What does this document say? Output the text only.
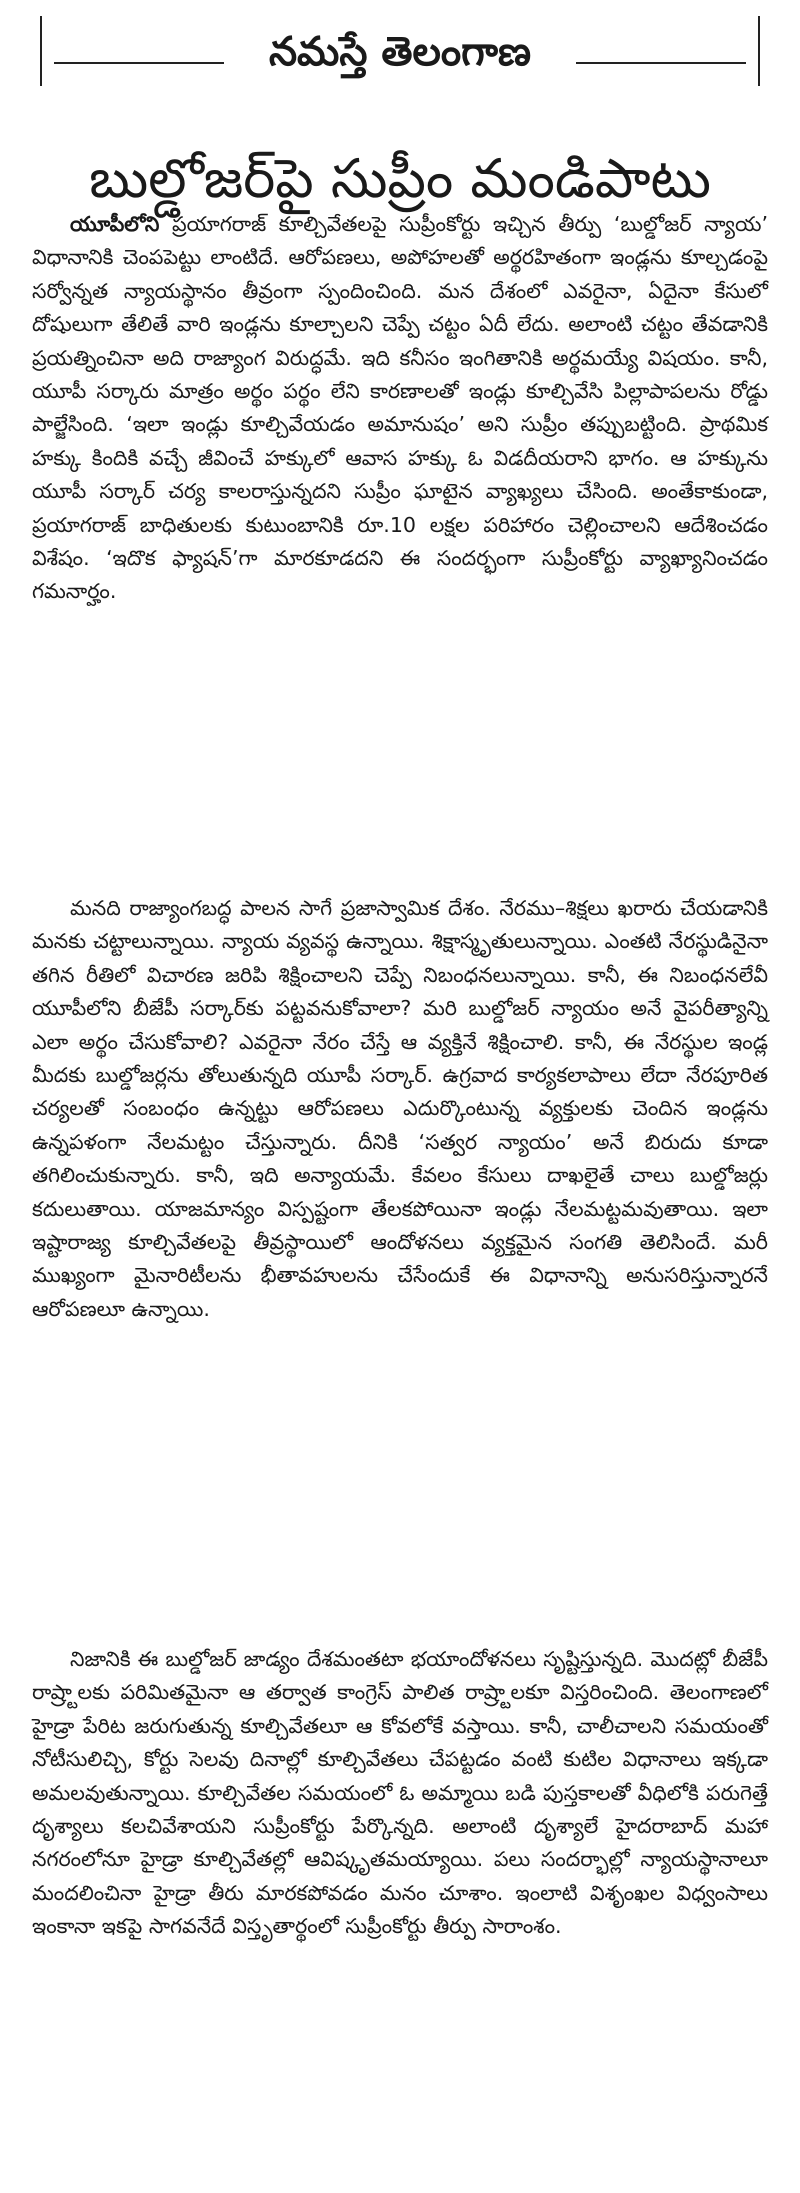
నమస్తే తెలంగాణ
బుల్డోజర్‌పై సుప్రీం మండిపాటు

యూపీలోని ప్రయాగరాజ్ కూల్చివేతలపై సుప్రీంకోర్టు ఇచ్చిన తీర్పు ‘బుల్డోజర్ న్యాయ’ విధానానికి చెంపపెట్టు లాంటిదే. ఆరోపణలు, అపోహలతో అర్థరహితంగా ఇండ్లను కూల్చడంపై సర్వోన్నత న్యాయస్థానం తీవ్రంగా స్పందించింది. మన దేశంలో ఎవరైనా, ఏదైనా కేసులో దోషులుగా తేలితే వారి ఇండ్లను కూల్చాలని చెప్పే చట్టం ఏదీ లేదు. అలాంటి చట్టం తేవడానికి ప్రయత్నించినా అది రాజ్యాంగ విరుద్ధమే. ఇది కనీసం ఇంగితానికి అర్థమయ్యే విషయం. కానీ, యూపీ సర్కారు మాత్రం అర్థం పర్థం లేని కారణాలతో ఇండ్లు కూల్చివేసి పిల్లాపాపలను రోడ్డు పాల్జేసింది. ‘ఇలా ఇండ్లు కూల్చివేయడం అమానుషం’ అని సుప్రీం తప్పుబట్టింది. ప్రాథమిక హక్కు కిందికి వచ్చే జీవించే హక్కులో ఆవాస హక్కు ఓ విడదీయరాని భాగం. ఆ హక్కును యూపీ సర్కార్ చర్య కాలరాస్తున్నదని సుప్రీం ఘాటైన వ్యాఖ్యలు చేసింది. అంతేకాకుండా, ప్రయాగరాజ్ బాధితులకు కుటుంబానికి రూ.10 లక్షల పరిహారం చెల్లించాలని ఆదేశించడం విశేషం. ‘ఇదొక ఫ్యాషన్’గా మారకూడదని ఈ సందర్భంగా సుప్రీంకోర్టు వ్యాఖ్యానించడం గమనార్హం.

మనది రాజ్యాంగబద్ధ పాలన సాగే ప్రజాస్వామిక దేశం. నేరము–శిక్షలు ఖరారు చేయడానికి మనకు చట్టాలున్నాయి. న్యాయ వ్యవస్థ ఉన్నాయి. శిక్షాస్మృతులున్నాయి. ఎంతటి నేరస్థుడినైనా తగిన రీతిలో విచారణ జరిపి శిక్షించాలని చెప్పే నిబంధనలున్నాయి. కానీ, ఈ నిబంధనలేవీ యూపీలోని బీజేపీ సర్కార్‌కు పట్టవనుకోవాలా? మరి బుల్డోజర్ న్యాయం అనే వైపరీత్యాన్ని ఎలా అర్థం చేసుకోవాలి? ఎవరైనా నేరం చేస్తే ఆ వ్యక్తినే శిక్షించాలి. కానీ, ఈ నేరస్థుల ఇండ్ల మీదకు బుల్డోజర్లను తోలుతున్నది యూపీ సర్కార్. ఉగ్రవాద కార్యకలాపాలు లేదా నేరపూరిత చర్యలతో సంబంధం ఉన్నట్టు ఆరోపణలు ఎదుర్కొంటున్న వ్యక్తులకు చెందిన ఇండ్లను ఉన్నపళంగా నేలమట్టం చేస్తున్నారు. దీనికి ‘సత్వర న్యాయం’ అనే బిరుదు కూడా తగిలించుకున్నారు. కానీ, ఇది అన్యాయమే. కేవలం కేసులు దాఖలైతే చాలు బుల్డోజర్లు కదులుతాయి. యాజమాన్యం విస్పష్టంగా తేలకపోయినా ఇండ్లు నేలమట్టమవుతాయి. ఇలా ఇష్టారాజ్య కూల్చివేతలపై తీవ్రస్థాయిలో ఆందోళనలు వ్యక్తమైన సంగతి తెలిసిందే. మరీ ముఖ్యంగా మైనారిటీలను భీతావహులను చేసేందుకే ఈ విధానాన్ని అనుసరిస్తున్నారనే ఆరోపణలూ ఉన్నాయి.

నిజానికి ఈ బుల్డోజర్ జాడ్యం దేశమంతటా భయాందోళనలు సృష్టిస్తున్నది. మొదట్లో బీజేపీ రాష్ర్టాలకు పరిమితమైనా ఆ తర్వాత కాంగ్రెస్ పాలిత రాష్ర్టాలకూ విస్తరించింది. తెలంగాణలో హైడ్రా పేరిట జరుగుతున్న కూల్చివేతలూ ఆ కోవలోకే వస్తాయి. కానీ, చాలీచాలని సమయంతో నోటీసులిచ్చి, కోర్టు సెలవు దినాల్లో కూల్చివేతలు చేపట్టడం వంటి కుటిల విధానాలు ఇక్కడా అమలవుతున్నాయి. కూల్చివేతల సమయంలో ఓ అమ్మాయి బడి పుస్తకాలతో వీధిలోకి పరుగెత్తే దృశ్యాలు కలచివేశాయని సుప్రీంకోర్టు పేర్కొన్నది. అలాంటి దృశ్యాలే హైదరాబాద్ మహా నగరంలోనూ హైడ్రా కూల్చివేతల్లో ఆవిష్కృతమయ్యాయి. పలు సందర్భాల్లో న్యాయస్థానాలూ మందలించినా హైడ్రా తీరు మారకపోవడం మనం చూశాం. ఇంలాటి విశృంఖల విధ్వంసాలు ఇంకానా ఇకపై సాగవనేదే విస్తృతార్థంలో సుప్రీంకోర్టు తీర్పు సారాంశం.
